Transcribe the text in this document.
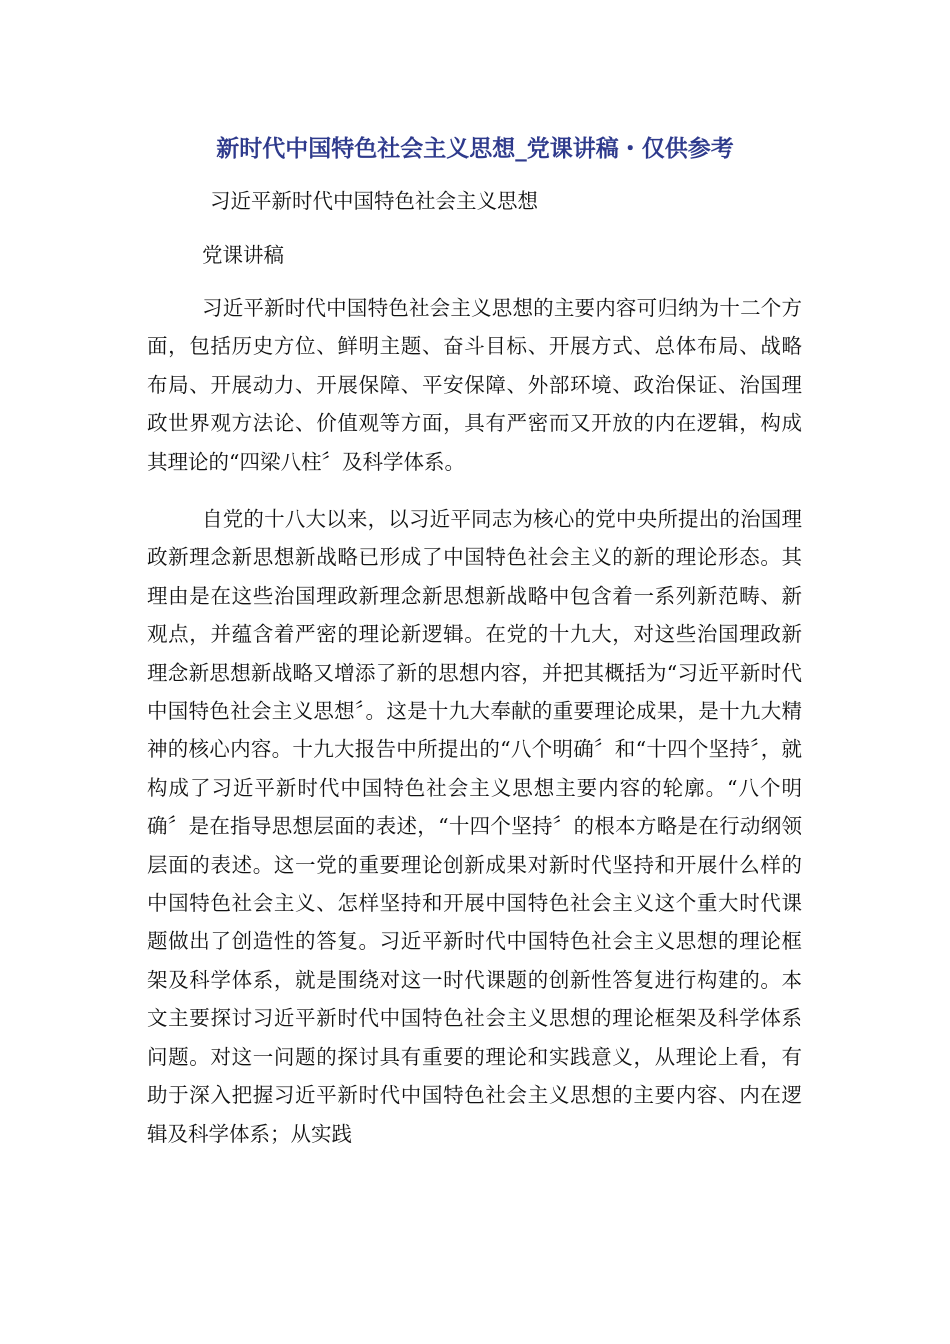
新时代中国特色社会主义思想_党课讲稿・仅供参考

习近平新时代中国特色社会主义思想

党课讲稿

习近平新时代中国特色社会主义思想的主要内容可归纳为十二个方面，包括历史方位、鲜明主题、奋斗目标、开展方式、总体布局、战略布局、开展动力、开展保障、平安保障、外部环境、政治保证、治国理政世界观方法论、价值观等方面，具有严密而又开放的内在逻辑，构成其理论的“四梁八柱〞及科学体系。

自党的十八大以来，以习近平同志为核心的党中央所提出的治国理政新理念新思想新战略已形成了中国特色社会主义的新的理论形态。其理由是在这些治国理政新理念新思想新战略中包含着一系列新范畴、新观点，并蕴含着严密的理论新逻辑。在党的十九大，对这些治国理政新理念新思想新战略又增添了新的思想内容，并把其概括为“习近平新时代中国特色社会主义思想〞。这是十九大奉献的重要理论成果，是十九大精神的核心内容。十九大报告中所提出的“八个明确〞和“十四个坚持〞，就构成了习近平新时代中国特色社会主义思想主要内容的轮廓。“八个明确〞是在指导思想层面的表述，“十四个坚持〞的根本方略是在行动纲领层面的表述。这一党的重要理论创新成果对新时代坚持和开展什么样的中国特色社会主义、怎样坚持和开展中国特色社会主义这个重大时代课题做出了创造性的答复。习近平新时代中国特色社会主义思想的理论框架及科学体系，就是围绕对这一时代课题的创新性答复进行构建的。本文主要探讨习近平新时代中国特色社会主义思想的理论框架及科学体系问题。对这一问题的探讨具有重要的理论和实践意义，从理论上看，有助于深入把握习近平新时代中国特色社会主义思想的主要内容、内在逻辑及科学体系；从实践
